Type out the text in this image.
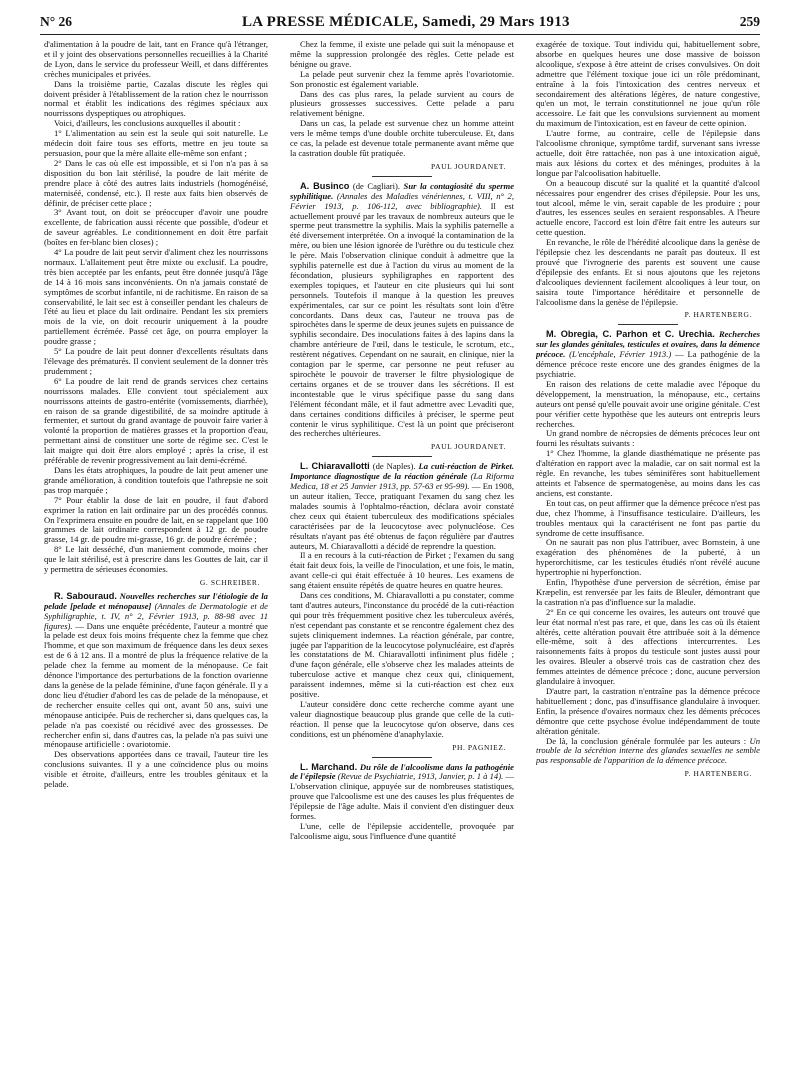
N° 26	LA PRESSE MÉDICALE, Samedi, 29 Mars 1913	259

d'alimentation à la poudre de lait, tant en France qu'à l'étranger, et il y joint des observations personnelles recueillies à la Charité de Lyon, dans le service du professeur Weill, et dans différentes crèches municipales et privées.

Dans la troisième partie, Cazalas discute les règles qui doivent présider à l'établissement de la ration chez le nourrisson normal et établit les indications des régimes spéciaux aux nourrissons dyspeptiques ou atrophiques.

Voici, d'ailleurs, les conclusions auxquelles il aboutit :

1° L'alimentation au sein est la seule qui soit naturelle. Le médecin doit faire tous ses efforts, mettre en jeu toute sa persuasion, pour que la mère allaite elle-même son enfant ;

2° Dans le cas où elle est impossible, et si l'on n'a pas à sa disposition du bon lait stérilisé, la poudre de lait mérite de prendre place à côté des autres laits industriels (homogénéisé, materniséé, condensé, etc.). Il reste aux faits bien observés de définir, de préciser cette place ;

3° Avant tout, on doit se préoccuper d'avoir une poudre excellente, de fabrication aussi récente que possible, d'odeur et de saveur agréables. Le conditionnement en doit être parfait (boîtes en fer-blanc bien closes) ;

4° La poudre de lait peut servir d'aliment chez les nourrissons normaux. L'allaitement peut être mixte ou exclusif. La poudre, très bien acceptée par les enfants, peut être donnée jusqu'à l'âge de 14 à 16 mois sans inconvénients. On n'a jamais constaté de symptômes de scorbut infantile, ni de rachitisme. En raison de sa conservabilité, le lait sec est à conseiller pendant les chaleurs de l'été au lieu et place du lait ordinaire. Pendant les six premiers mois de la vie, on doit recourir uniquement à la poudre partiellement écrémée. Passé cet âge, on pourra employer la poudre grasse ;

5° La poudre de lait peut donner d'excellents résultats dans l'élevage des prématurés. Il convient seulement de la donner très prudemment ;

6° La poudre de lait rend de grands services chez certains nourrissons malades. Elle convient tout spécialement aux nourrissons atteints de gastro-entérite (vomissements, diarrhée), en raison de sa grande digestibilité, de sa moindre aptitude à fermenter, et surtout du grand avantage de pouvoir faire varier à volonté la proportion de matières grasses et la proportion d'eau, permettant ainsi de constituer une sorte de régime sec. C'est le lait maigre qui doit être alors employé ; après la crise, il est préférable de revenir progressivement au lait demi-écrémé.

Dans les états atrophiques, la poudre de lait peut amener une grande amélioration, à condition toutefois que l'athrepsie ne soit pas trop marquée ;

7° Pour établir la dose de lait en poudre, il faut d'abord exprimer la ration en lait ordinaire par un des procédés connus. On l'exprimera ensuite en poudre de lait, en se rappelant que 100 grammes de lait ordinaire correspondent à 12 gr. de poudre grasse, 14 gr. de poudre mi-grasse, 16 gr. de poudre écrémée ;

8° Le lait desséché, d'un maniement commode, moins cher que le lait stérilisé, est à prescrire dans les Gouttes de lait, car il y permettra de sérieuses économies.

G. SCHREIBER.

R. Sabouraud. Nouvelles recherches sur l'étiologie de la pelade [pelade et ménopause] (Annales de Dermatologie et de Syphiligraphie, t. IV, n° 2, Février 1913, p. 88-98 avec 11 figures). — Dans une enquête précédente, l'auteur a montré que la pelade est deux fois moins fréquente chez la femme que chez l'homme, et que son maximum de fréquence dans les deux sexes est de 6 à 12 ans. Il a montré de plus la fréquence relative de la pelade chez la femme au moment de la ménopause. Ce fait dénonce l'importance des perturbations de la fonction ovarienne dans la genèse de la pelade féminine, d'une façon générale. Il y a donc lieu d'étudier d'abord les cas de pelade de la ménopause, et de rechercher ensuite celles qui ont, avant 50 ans, suivi une ménopause anticipée. Puis de rechercher si, dans quelques cas, la pelade n'a pas coexisté ou récidivé avec des grossesses. De rechercher enfin si, dans d'autres cas, la pelade n'a pas suivi une ménopause artificielle : ovariotomie.

Des observations apportées dans ce travail, l'auteur tire les conclusions suivantes. Il y a une coïncidence plus ou moins visible et étroite, d'ailleurs, entre les troubles génitaux et la pelade.

Chez la femme, il existe une pelade qui suit la ménopause et même la suppression prolongée des règles. Cette pelade est bénigne ou grave.

La pelade peut survenir chez la femme après l'ovariotomie. Son pronostic est également variable.

Dans des cas plus rares, la pelade survient au cours de plusieurs grossesses successives. Cette pelade a paru relativement bénigne.

Dans un cas, la pelade est survenue chez un homme atteint vers le même temps d'une double orchite tuberculeuse. Et, dans ce cas, la pelade est devenue totale permanente avant même que la castration double fût pratiquée.

PAUL JOURDANET.

A. Businco (de Cagliari). Sur la contagiosité du sperme syphilitique. (Annales des Maladies vénériennes, t. VIII, n° 2, Février 1913, p. 106-112, avec bibliographie). Il est actuellement prouvé par les travaux de nombreux auteurs que le sperme peut transmettre la syphilis. Mais la syphilis paternelle a été diversement interprétée. On a invoqué la contamination de la mère, ou bien une lésion ignorée de l'urèthre ou du testicule chez le père. Mais l'observation clinique conduit à admettre que la syphilis paternelle est due à l'action du virus au moment de la fécondation, plusieurs syphiligraphes en rapportent des exemples topiques, et l'auteur en cite plusieurs qui lui sont personnels. Toutefois il manque à la question les preuves expérimentales, car sur ce point les résultats sont loin d'être concordants. Dans deux cas, l'auteur ne trouva pas de spirochètes dans le sperme de deux jeunes sujets en puissance de syphilis secondaire. Des inoculations faites à des lapins dans la chambre antérieure de l'œil, dans le testicule, le scrotum, etc., restèrent négatives. Cependant on ne saurait, en clinique, nier la contagion par le sperme, car personne ne peut refuser au spirochète le pouvoir de traverser le filtre physiologique de certains organes et de se trouver dans les sécrétions. Il est incontestable que le virus spécifique passe du sang dans l'élément fécondant mâle, et il faut admettre avec Levaditi que, dans certaines conditions difficiles à préciser, le sperme peut contenir le virus syphilitique. C'est là un point que préciseront des recherches ultérieures.

PAUL JOURDANET.

L. Chiaravallotti (de Naples). La cuti-réaction de Pirket. Importance diagnostique de la réaction générale (La Riforma Medica, 18 et 25 Janvier 1913, pp. 57-63 et 95-99). — En 1908, un auteur italien, Tecce, pratiquant l'examen du sang chez les malades soumis à l'ophtalmo-réaction, déclara avoir constaté chez ceux qui étaient tuberculeux des modifications spéciales caractérisées par de la leucocytose avec polynucléose. Ces résultats n'ayant pas été obtenus de façon régulière par d'autres auteurs, M. Chiaravallotti a décidé de reprendre la question.

Il a en recours à la cuti-réaction de Pirket ; l'examen du sang était fait deux fois, la veille de l'inoculation, et une fois, le matin, avant celle-ci qui était effectuée à 10 heures. Les examens de sang étaient ensuite répétés de quatre heures en quatre heures.

Dans ces conditions, M. Chiaravallotti a pu constater, comme tant d'autres auteurs, l'inconstance du procédé de la cuti-réaction qui pour très fréquemment positive chez les tuberculeux avérés, n'est cependant pas constante et se rencontre également chez des sujets cliniquement indemnes. La réaction générale, par contre, jugée par l'apparition de la leucocytose polynucléaire, est d'après les constatations de M. Chiaravallotti infiniment plus fidèle ; d'une façon générale, elle s'observe chez les malades atteints de tuberculose active et manque chez ceux qui, cliniquement, paraissent indemnes, même si la cuti-réaction est chez eux positive.

L'auteur considère donc cette recherche comme ayant une valeur diagnostique beaucoup plus grande que celle de la cuti-réaction. Il pense que la leucocytose qu'on observe, dans ces conditions, est un phénomène d'anaphylaxie.

PH. PAGNIEZ.

L. Marchand. Du rôle de l'alcoolisme dans la pathogénie de l'épilepsie (Revue de Psychiatrie, 1913, Janvier, p. 1 à 14). — L'observation clinique, appuyée sur de nombreuses statistiques, prouve que l'alcoolisme est une des causes les plus fréquentes de l'épilepsie de l'âge adulte. Mais il convient d'en distinguer deux formes.

L'une, celle de l'épilepsie accidentelle, provoquée par l'alcoolisme aigu, sous l'influence d'une quantité

exagérée de toxique. Tout individu qui, habituellement sobre, absorbe en quelques heures une dose massive de boisson alcoolique, s'expose à être atteint de crises convulsives. On doit admettre que l'élément toxique joue ici un rôle prédominant, entraîne à la fois l'intoxication des centres nerveux et secondairement des altérations légères, de nature congestive, qu'en un mot, le terrain constitutionnel ne joue qu'un rôle accessoire. Le fait que les convulsions surviennent au moment du maximum de l'intoxication, est en faveur de cette opinion.

L'autre forme, au contraire, celle de l'épilepsie dans l'alcoolisme chronique, symptôme tardif, survenant sans ivresse actuelle, doit être rattachée, non pas à une intoxication aiguë, mais aux lésions du cortex et des méninges, produites à la longue par l'alcoolisation habituelle.

On a beaucoup discuté sur la qualité et la quantité d'alcool nécessaires pour engendrer des crises d'épilepsie. Pour les uns, tout alcool, même le vin, serait capable de les produire ; pour d'autres, les essences seules en seraient responsables. A l'heure actuelle encore, l'accord est loin d'être fait entre les auteurs sur cette question.

En revanche, le rôle de l'hérédité alcoolique dans la genèse de l'épilepsie chez les descendants ne paraît pas douteux. Il est prouvé que l'ivrognerie des parents est souvent une cause d'épilepsie des enfants. Et si nous ajoutons que les rejetons d'alcooliques deviennent facilement alcooliques à leur tour, on saisira toute l'importance héréditaire et personnelle de l'alcoolisme dans la genèse de l'épilepsie.

P. HARTENBERG.

M. Obregia, C. Parhon et C. Urechia. Recherches sur les glandes génitales, testicules et ovaires, dans la démence précoce. (L'encéphale, Février 1913.) — La pathogénie de la démence précoce reste encore une des grandes énigmes de la psychiatrie.

En raison des relations de cette maladie avec l'époque du développement, la menstruation, la ménopause, etc., certains auteurs ont pensé qu'elle pouvait avoir une origine génitale. C'est pour vérifier cette hypothèse que les auteurs ont entrepris leurs recherches.

Un grand nombre de nécropsies de déments précoces leur ont fourni les résultats suivants :

1° Chez l'homme, la glande diasthématique ne présente pas d'altération en rapport avec la maladie, car on sait normal est la règle. En revanche, les tubes séminifères sont habituellement atteints et l'absence de spermatogenèse, au moins dans les cas anciens, est constante.

En tout cas, on peut affirmer que la démence précoce n'est pas due, chez l'homme, à l'insuffisance testiculaire. D'ailleurs, les troubles mentaux qui la caractérisent ne font pas partie du syndrome de cette insuffisance.

On ne saurait pas non plus l'attribuer, avec Bornstein, à une exagération des phénomènes de la puberté, à un hyperorchitisme, car les testicules étudiés n'ont révélé aucune hypertrophie ni hyperfonction.

Enfin, l'hypothèse d'une perversion de sécrétion, émise par Kræpelin, est renversée par les faits de Bleuler, démontrant que la castration n'a pas d'influence sur la maladie.

2° En ce qui concerne les ovaires, les auteurs ont trouvé que leur état normal n'est pas rare, et que, dans les cas où ils étaient altérés, cette altération pouvait être attribuée soit à la démence elle-même, soit à des affections intercurrentes. Les raisonnements faits à propos du testicule sont justes aussi pour les ovaires. Bleuler a observé trois cas de castration chez des femmes atteintes de démence précoce ; donc, aucune perversion glandulaire à invoquer.

D'autre part, la castration n'entraîne pas la démence précoce habituellement ; donc, pas d'insuffisance glandulaire à invoquer. Enfin, la présence d'ovaires normaux chez les déments précoces démontre que cette psychose évolue indépendamment de toute altération génitale.

De là, la conclusion générale formulée par les auteurs : Un trouble de la sécrétion interne des glandes sexuelles ne semble pas responsable de l'apparition de la démence précoce.

P. HARTENBERG.
